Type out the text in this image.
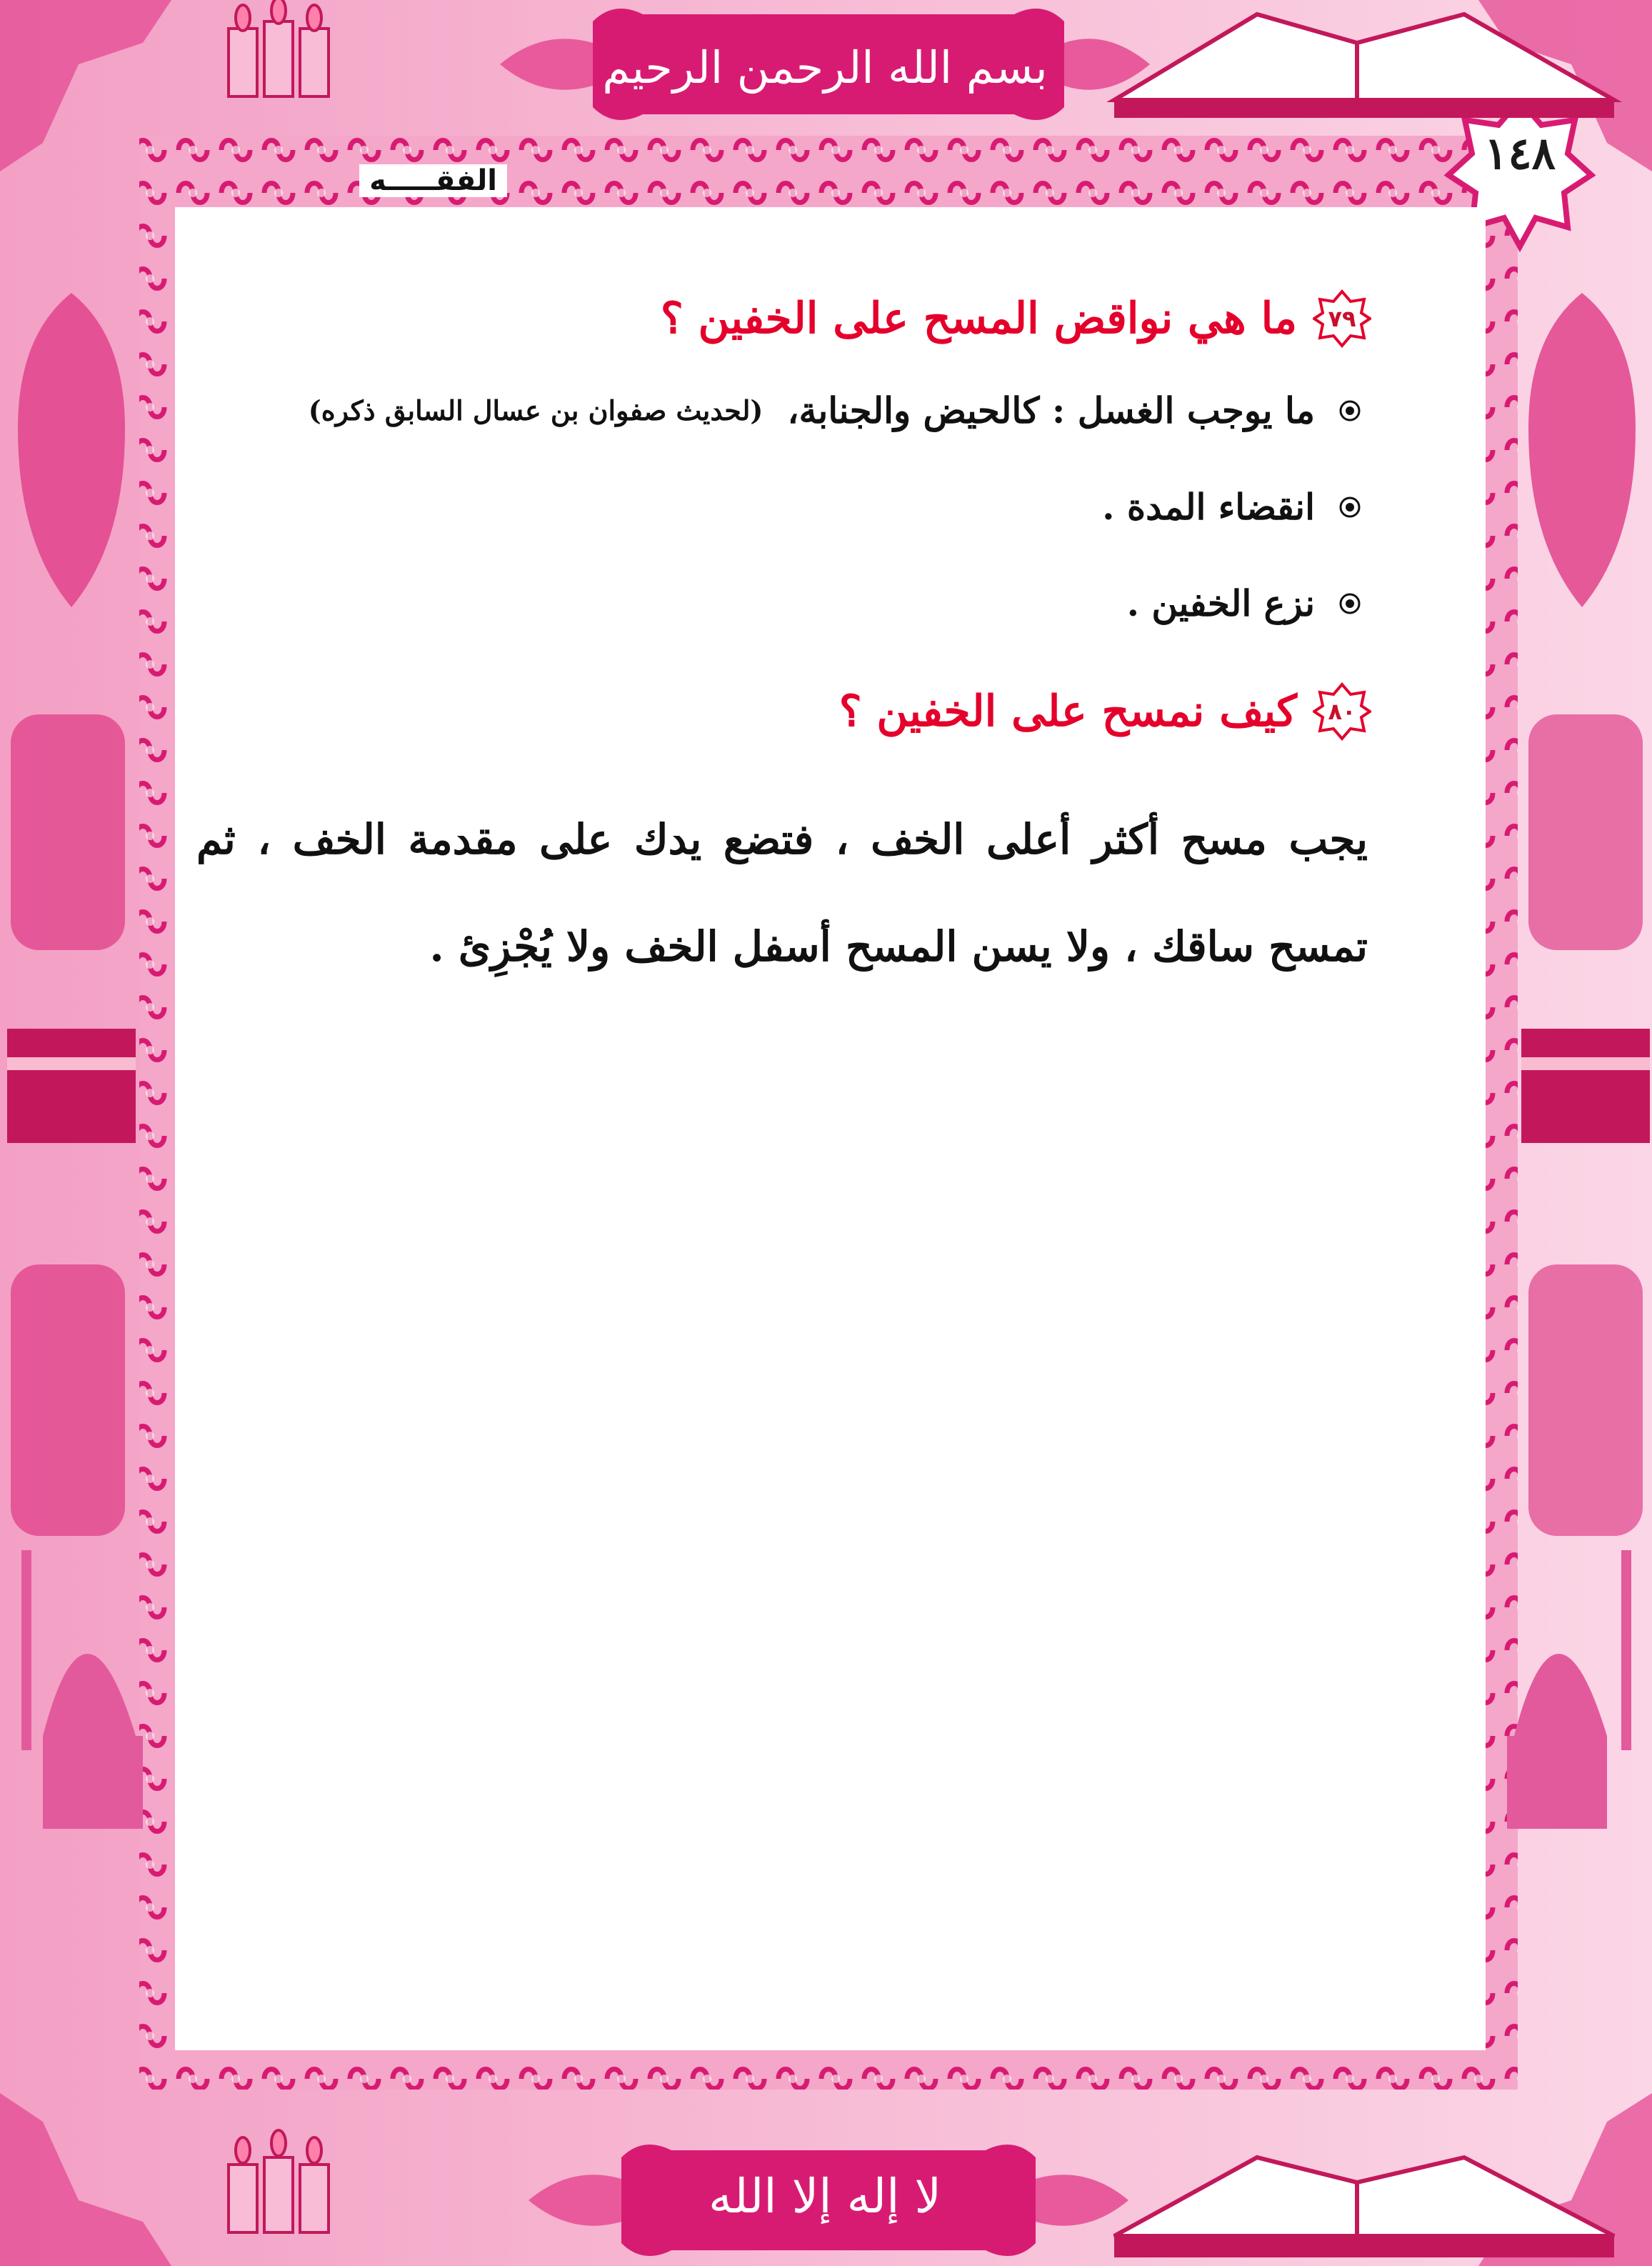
بسم الله الرحمن الرحيم
١٤٨
لا إله إلا الله
الفقـــــه
٧٩
ما هي نواقض المسح على الخفين ؟
ما يوجب الغسل : كالحيض والجنابة،
(لحديث صفوان بن عسال السابق ذكره)
انقضاء المدة .
نزع الخفين .
٨٠
كيف نمسح على الخفين ؟
يجب مسح أكثر أعلى الخف ، فتضع يدك على مقدمة الخف ، ثم تمسح ساقك ، ولا يسن المسح أسفل الخف ولا يُجْزِئ .
